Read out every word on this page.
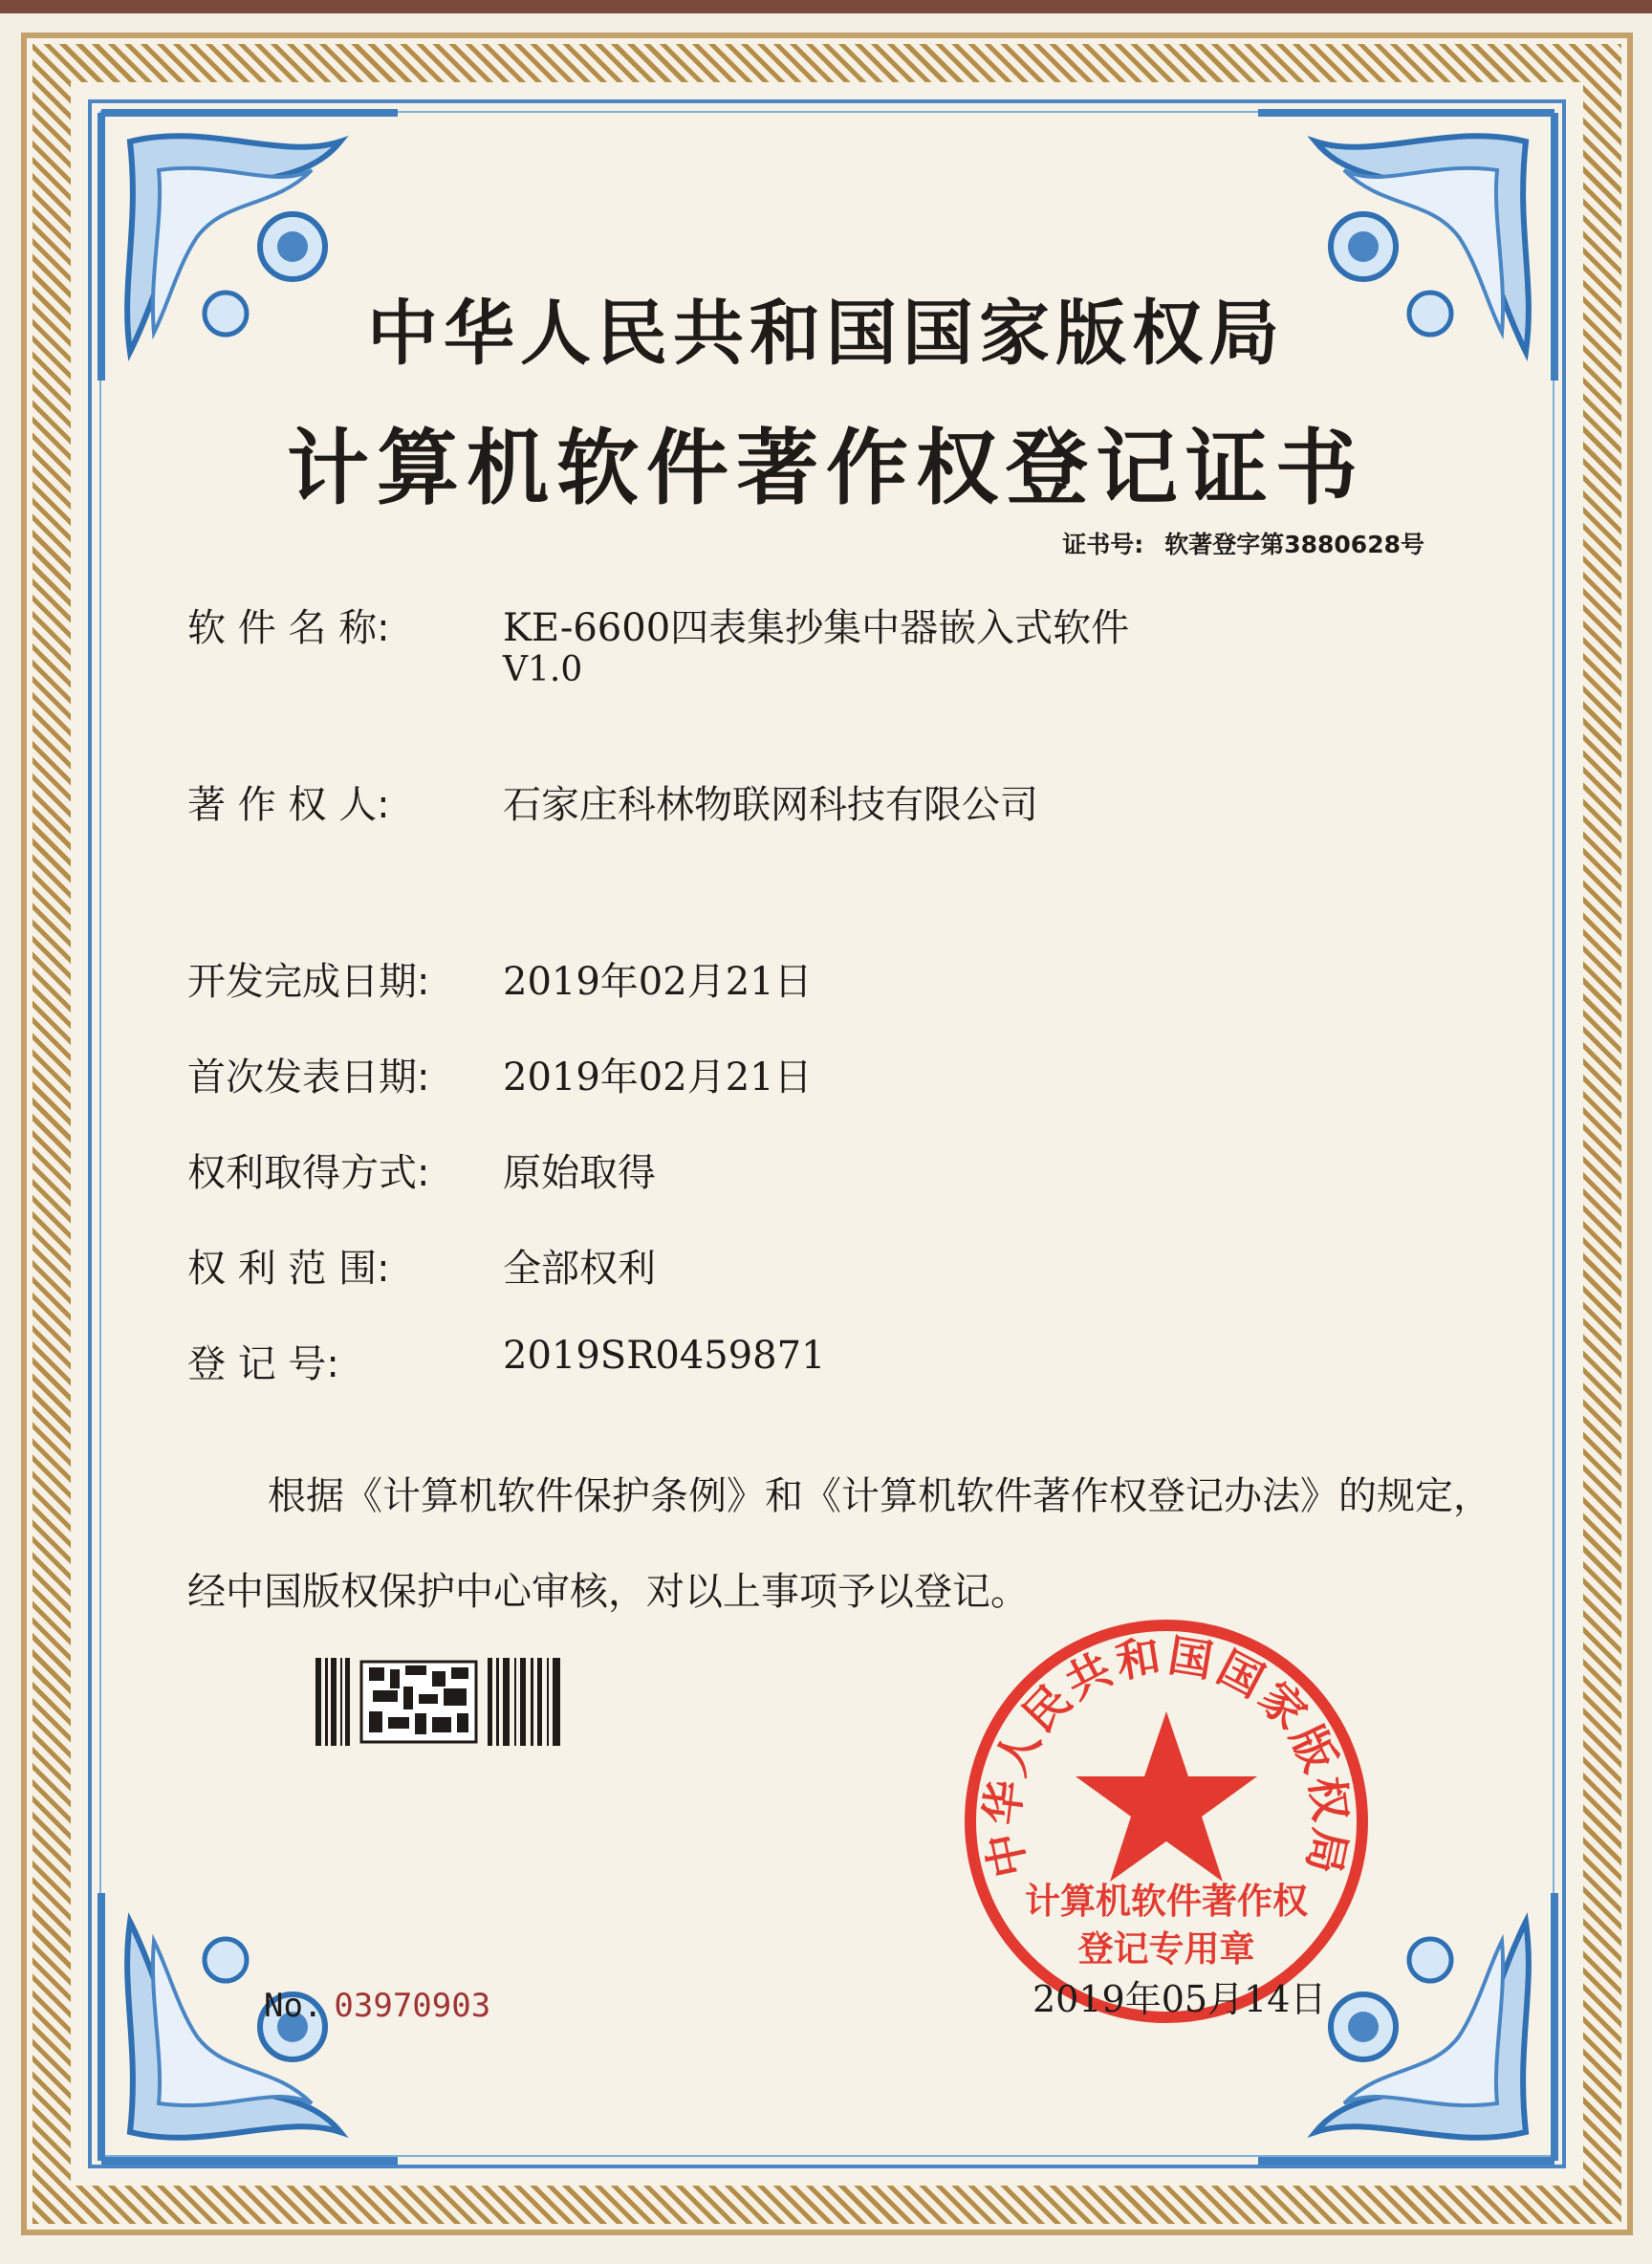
中华人民共和国国家版权局
计算机软件著作权登记证书
证书号: 软著登字第3880628号
软 件 名 称:	KE-6600四表集抄集中器嵌入式软件
V1.0
著 作 权 人:	石家庄科林物联网科技有限公司
开发完成日期: 2019年02月21日
首次发表日期: 2019年02月21日
权利取得方式: 原始取得
权 利 范 围:	全部权利
登 记 号:	2019SR0459871
根据《计算机软件保护条例》和《计算机软件著作权登记办法》的规定，经中国版权保护中心审核，对以上事项予以登记。
No. 03970903
中华人民共和国国家版权局
计算机软件著作权
登记专用章
2019年05月14日
